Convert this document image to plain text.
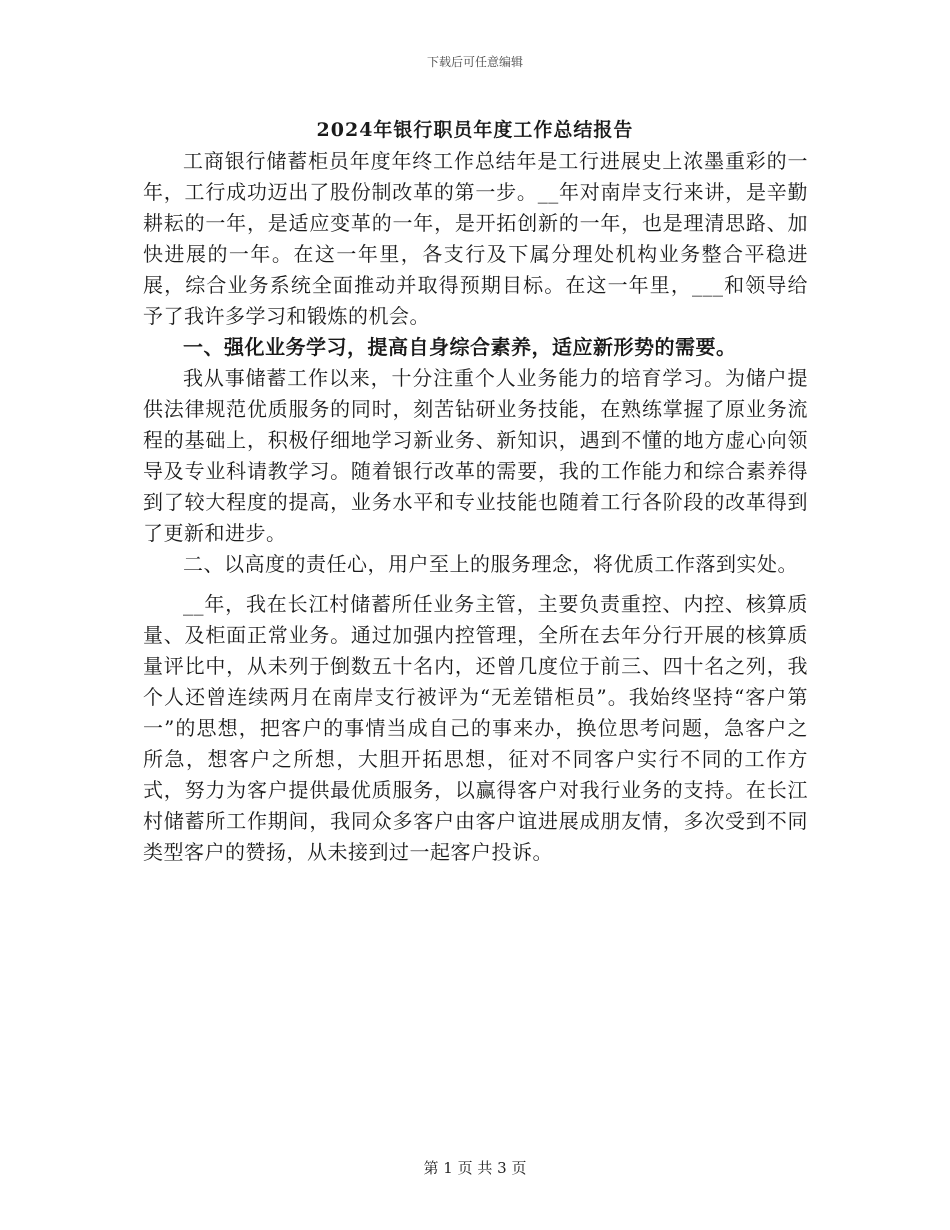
下载后可任意编辑
2024年银行职员年度工作总结报告

工商银行储蓄柜员年度年终工作总结年是工行进展史上浓墨重彩的一年，工行成功迈出了股份制改革的第一步。__年对南岸支行来讲，是辛勤耕耘的一年，是适应变革的一年，是开拓创新的一年，也是理清思路、加快进展的一年。在这一年里，各支行及下属分理处机构业务整合平稳进展，综合业务系统全面推动并取得预期目标。在这一年里，___和领导给予了我许多学习和锻炼的机会。

一、强化业务学习，提高自身综合素养，适应新形势的需要。

我从事储蓄工作以来，十分注重个人业务能力的培育学习。为储户提供法律规范优质服务的同时，刻苦钻研业务技能，在熟练掌握了原业务流程的基础上，积极仔细地学习新业务、新知识，遇到不懂的地方虚心向领导及专业科请教学习。随着银行改革的需要，我的工作能力和综合素养得到了较大程度的提高，业务水平和专业技能也随着工行各阶段的改革得到了更新和进步。

二、以高度的责任心，用户至上的服务理念，将优质工作落到实处。

__年，我在长江村储蓄所任业务主管，主要负责重控、内控、核算质量、及柜面正常业务。通过加强内控管理，全所在去年分行开展的核算质量评比中，从未列于倒数五十名内，还曾几度位于前三、四十名之列，我个人还曾连续两月在南岸支行被评为“无差错柜员”。我始终坚持“客户第一”的思想，把客户的事情当成自己的事来办，换位思考问题，急客户之所急，想客户之所想，大胆开拓思想，征对不同客户实行不同的工作方式，努力为客户提供最优质服务，以赢得客户对我行业务的支持。在长江村储蓄所工作期间，我同众多客户由客户谊进展成朋友情，多次受到不同类型客户的赞扬，从未接到过一起客户投诉。

第 1 页 共 3 页
